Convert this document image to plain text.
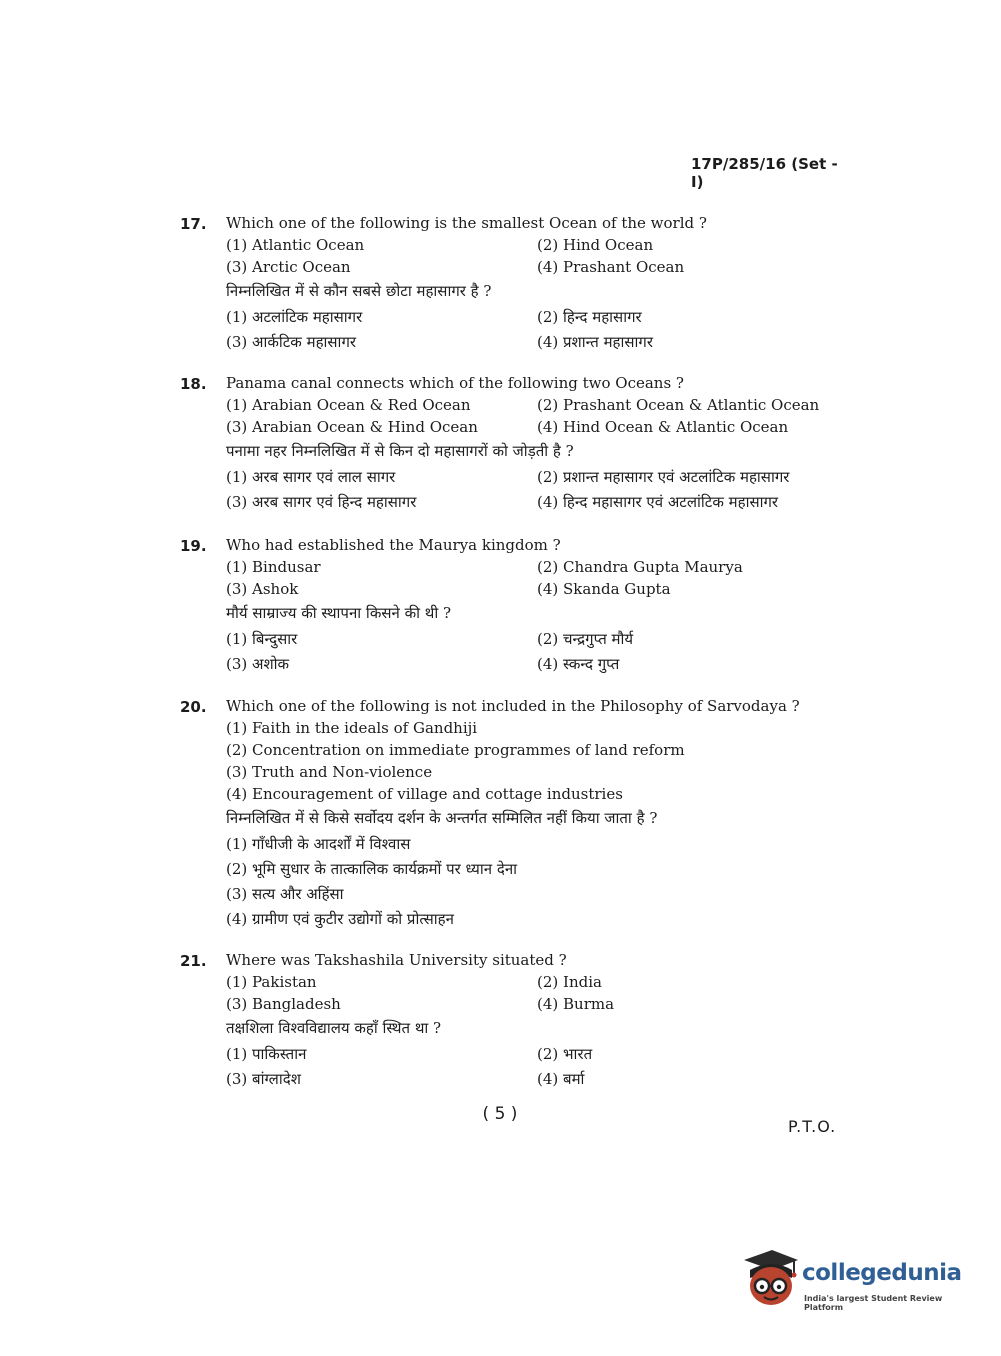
17P/285/16 (Set - I)
17. Which one of the following is the smallest Ocean of the world ?
(1) Atlantic Ocean	(2) Hind Ocean
(3) Arctic Ocean	(4) Prashant Ocean
निम्नलिखित में से कौन सबसे छोटा महासागर है ?
(1) अटलांटिक महासागर	(2) हिन्द महासागर
(3) आर्कटिक महासागर	(4) प्रशान्त महासागर
18. Panama canal connects which of the following two Oceans ?
(1) Arabian Ocean & Red Ocean	(2) Prashant Ocean & Atlantic Ocean
(3) Arabian Ocean & Hind Ocean	(4) Hind Ocean & Atlantic Ocean
पनामा नहर निम्नलिखित में से किन दो महासागरों को जोड़ती है ?
(1) अरब सागर एवं लाल सागर	(2) प्रशान्त महासागर एवं अटलांटिक महासागर
(3) अरब सागर एवं हिन्द महासागर	(4) हिन्द महासागर एवं अटलांटिक महासागर
19. Who had established the Maurya kingdom ?
(1) Bindusar	(2) Chandra Gupta Maurya
(3) Ashok	(4) Skanda Gupta
मौर्य साम्राज्य की स्थापना किसने की थी ?
(1) बिन्दुसार	(2) चन्द्रगुप्त मौर्य
(3) अशोक	(4) स्कन्द गुप्त
20. Which one of the following is not included in the Philosophy of Sarvodaya ?
(1) Faith in the ideals of Gandhiji
(2) Concentration on immediate programmes of land reform
(3) Truth and Non-violence
(4) Encouragement of village and cottage industries
निम्नलिखित में से किसे सर्वोदय दर्शन के अन्तर्गत सम्मिलित नहीं किया जाता है ?
(1) गाँधीजी के आदर्शों में विश्वास
(2) भूमि सुधार के तात्कालिक कार्यक्रमों पर ध्यान देना
(3) सत्य और अहिंसा
(4) ग्रामीण एवं कुटीर उद्योगों को प्रोत्साहन
21. Where was Takshashila University situated ?
(1) Pakistan	(2) India
(3) Bangladesh	(4) Burma
तक्षशिला विश्वविद्यालय कहाँ स्थित था ?
(1) पाकिस्तान	(2) भारत
(3) बांग्लादेश	(4) बर्मा
( 5 )
P.T.O.
collegedunia
India's largest Student Review Platform
